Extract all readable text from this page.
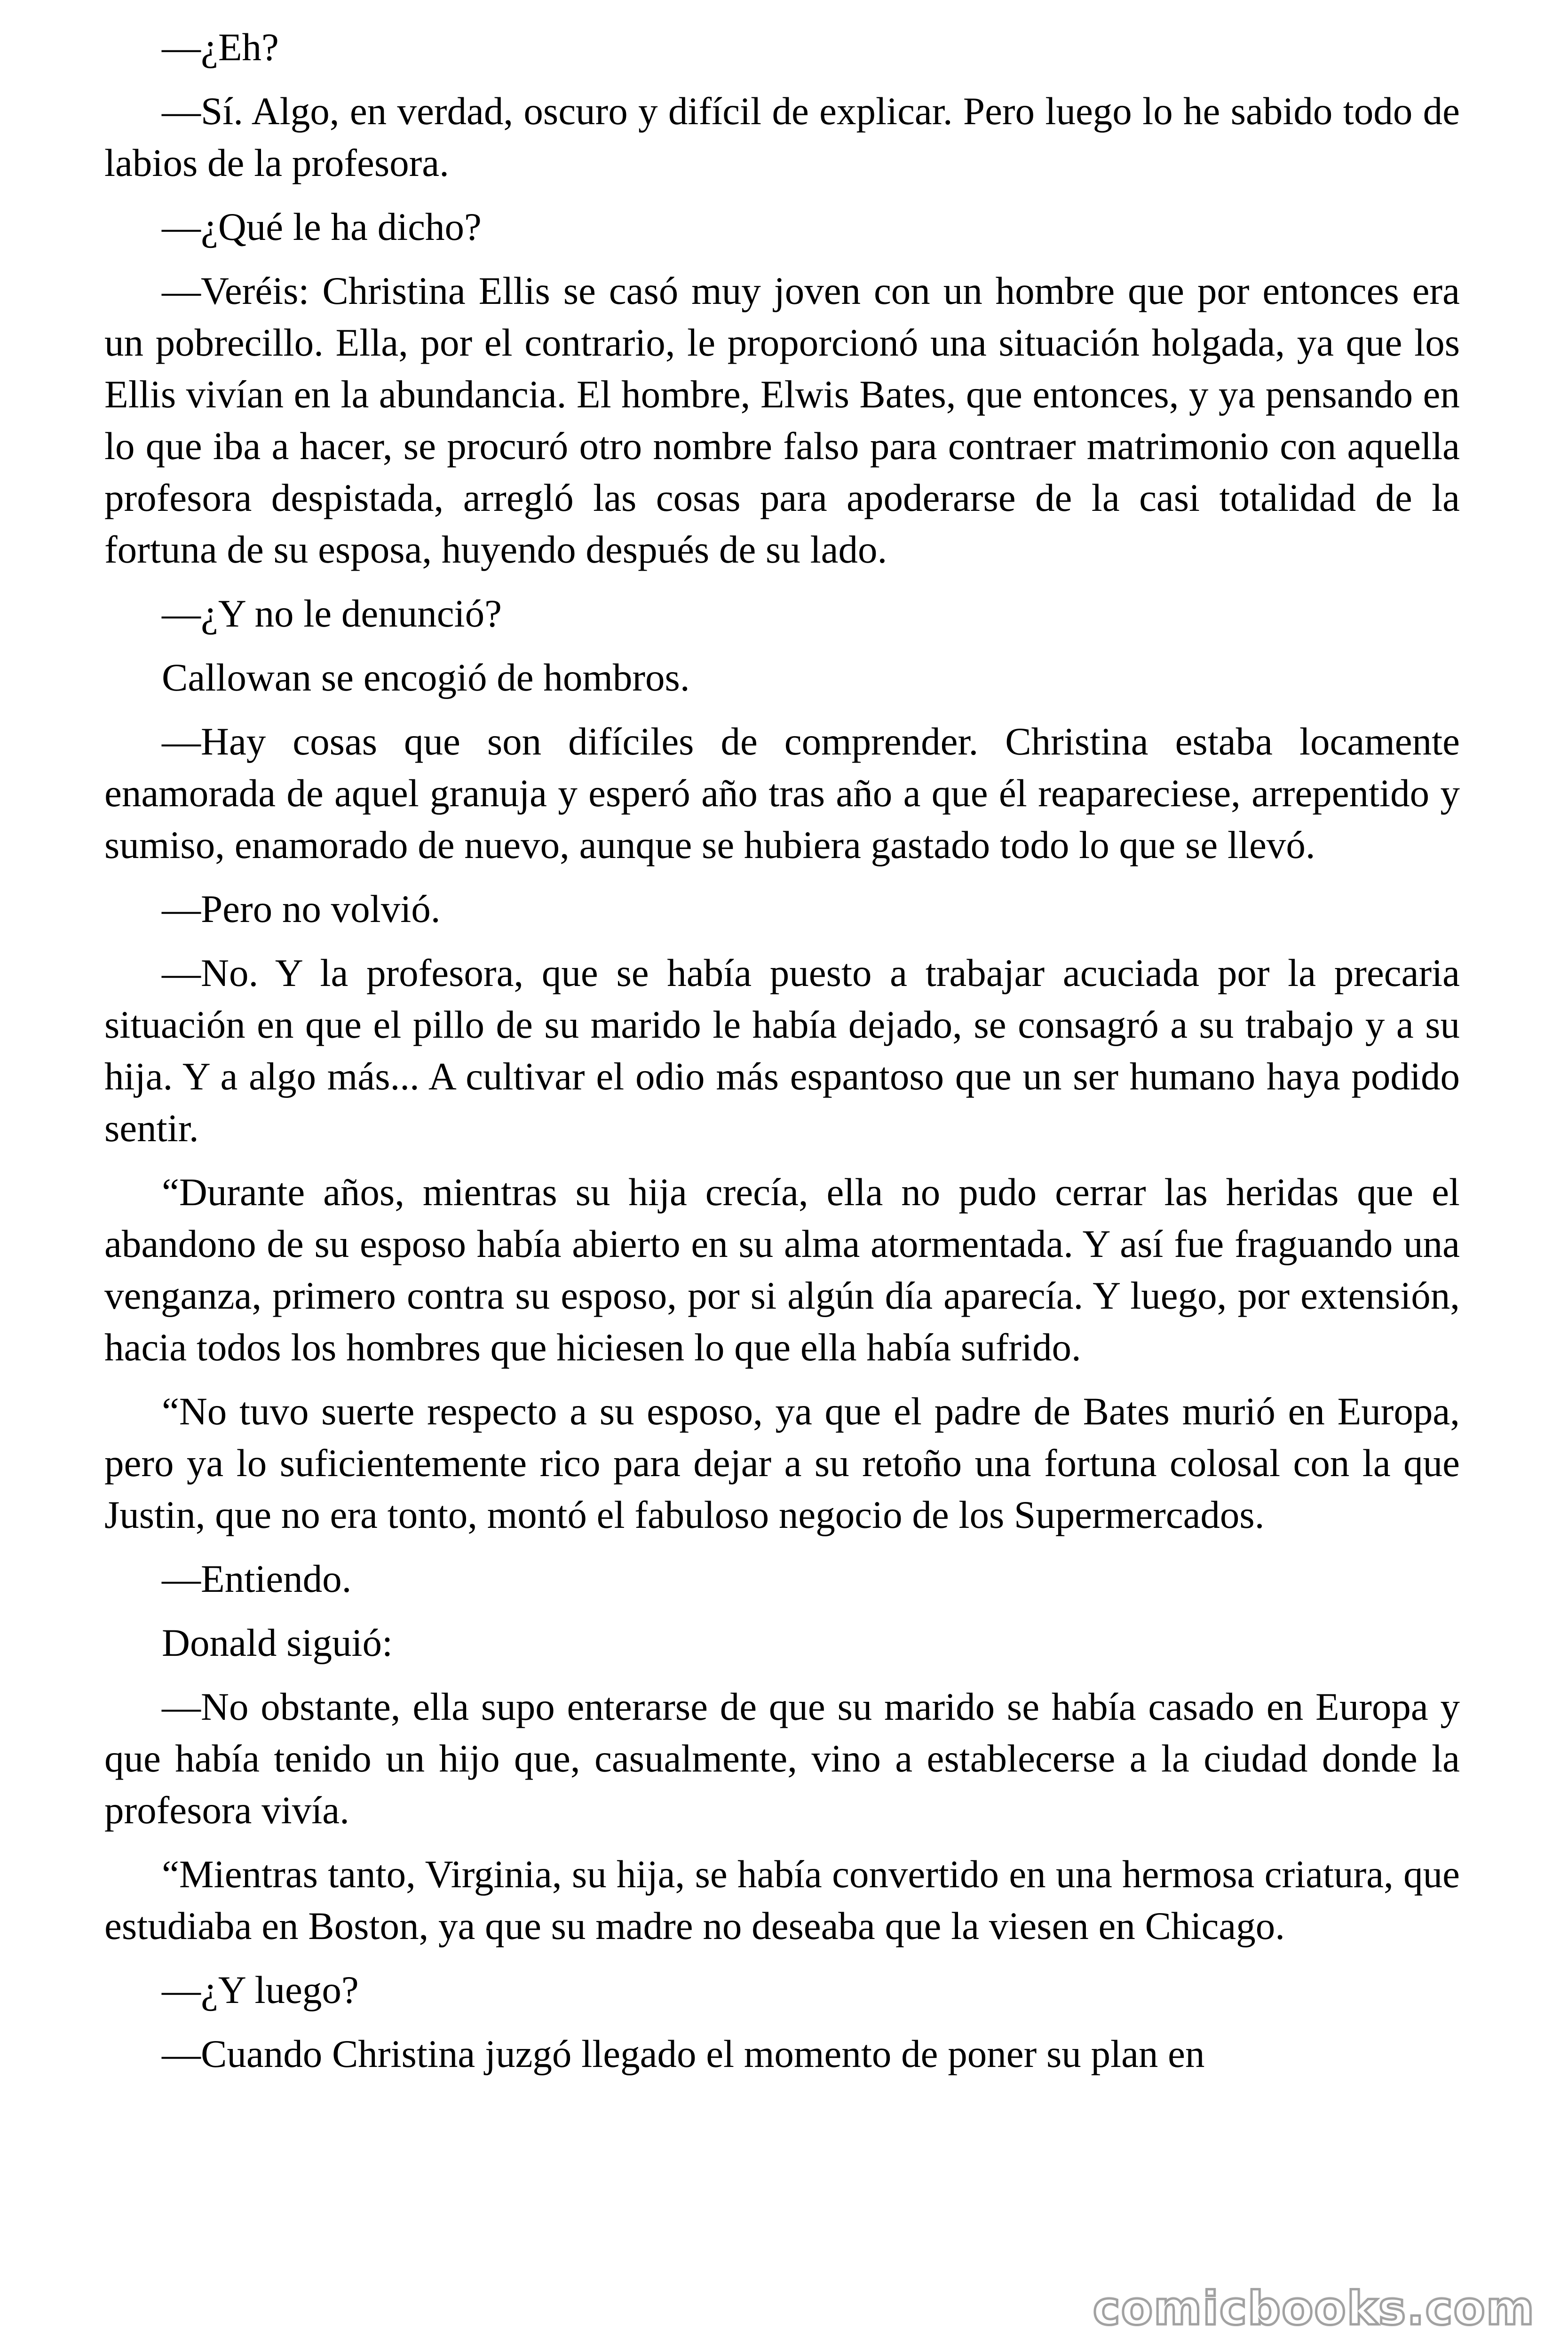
—¿Eh?

—Sí. Algo, en verdad, oscuro y difícil de explicar. Pero luego lo he sabido todo de labios de la profesora.

—¿Qué le ha dicho?

—Veréis: Christina Ellis se casó muy joven con un hombre que por entonces era un pobrecillo. Ella, por el contrario, le proporcionó una situación holgada, ya que los Ellis vivían en la abundancia. El hombre, Elwis Bates, que entonces, y ya pensando en lo que iba a hacer, se procuró otro nombre falso para contraer matrimonio con aquella profesora despistada, arregló las cosas para apoderarse de la casi totalidad de la fortuna de su esposa, huyendo después de su lado.

—¿Y no le denunció?

Callowan se encogió de hombros.

—Hay cosas que son difíciles de comprender. Christina estaba locamente enamorada de aquel granuja y esperó año tras año a que él reapareciese, arrepentido y sumiso, enamorado de nuevo, aunque se hubiera gastado todo lo que se llevó.

—Pero no volvió.

—No. Y la profesora, que se había puesto a trabajar acuciada por la precaria situación en que el pillo de su marido le había dejado, se consagró a su trabajo y a su hija. Y a algo más... A cultivar el odio más espantoso que un ser humano haya podido sentir.

“Durante años, mientras su hija crecía, ella no pudo cerrar las heridas que el abandono de su esposo había abierto en su alma atormentada. Y así fue fraguando una venganza, primero contra su esposo, por si algún día aparecía. Y luego, por extensión, hacia todos los hombres que hiciesen lo que ella había sufrido.

“No tuvo suerte respecto a su esposo, ya que el padre de Bates murió en Europa, pero ya lo suficientemente rico para dejar a su retoño una fortuna colosal con la que Justin, que no era tonto, montó el fabuloso negocio de los Supermercados.

—Entiendo.

Donald siguió:

—No obstante, ella supo enterarse de que su marido se había casado en Europa y que había tenido un hijo que, casualmente, vino a establecerse a la ciudad donde la profesora vivía.

“Mientras tanto, Virginia, su hija, se había convertido en una hermosa criatura, que estudiaba en Boston, ya que su madre no deseaba que la viesen en Chicago.

—¿Y luego?

—Cuando Christina juzgó llegado el momento de poner su plan en

comicbooks.com
